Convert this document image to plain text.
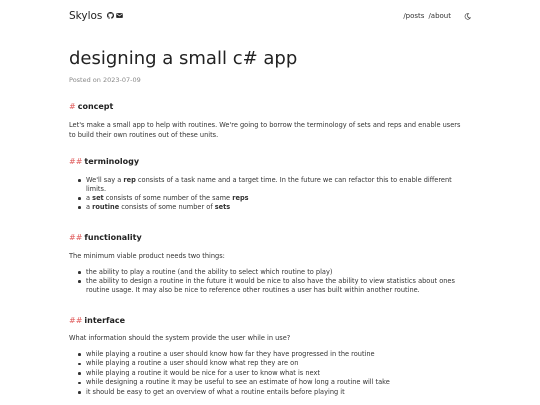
Skylos	/posts /about
designing a small c# app
Posted on 2023-07-09
# concept

Let's make a small app to help with routines. We're going to borrow the terminology of sets and reps and enable users to build their own routines out of these units.

## terminology
We'll say a rep consists of a task name and a target time. In the future we can refactor this to enable different limits.
a set consists of some number of the same reps
a routine consists of some number of sets
## functionality

The minimum viable product needs two things:

the ability to play a routine (and the ability to select which routine to play)
the ability to design a routine in the future it would be nice to also have the ability to view statistics about ones routine usage. It may also be nice to reference other routines a user has built within another routine.
## interface

What information should the system provide the user while in use?

while playing a routine a user should know how far they have progressed in the routine
while playing a routine a user should know what rep they are on
while playing a routine it would be nice for a user to know what is next
while designing a routine it may be useful to see an estimate of how long a routine will take
it should be easy to get an overview of what a routine entails before playing it
